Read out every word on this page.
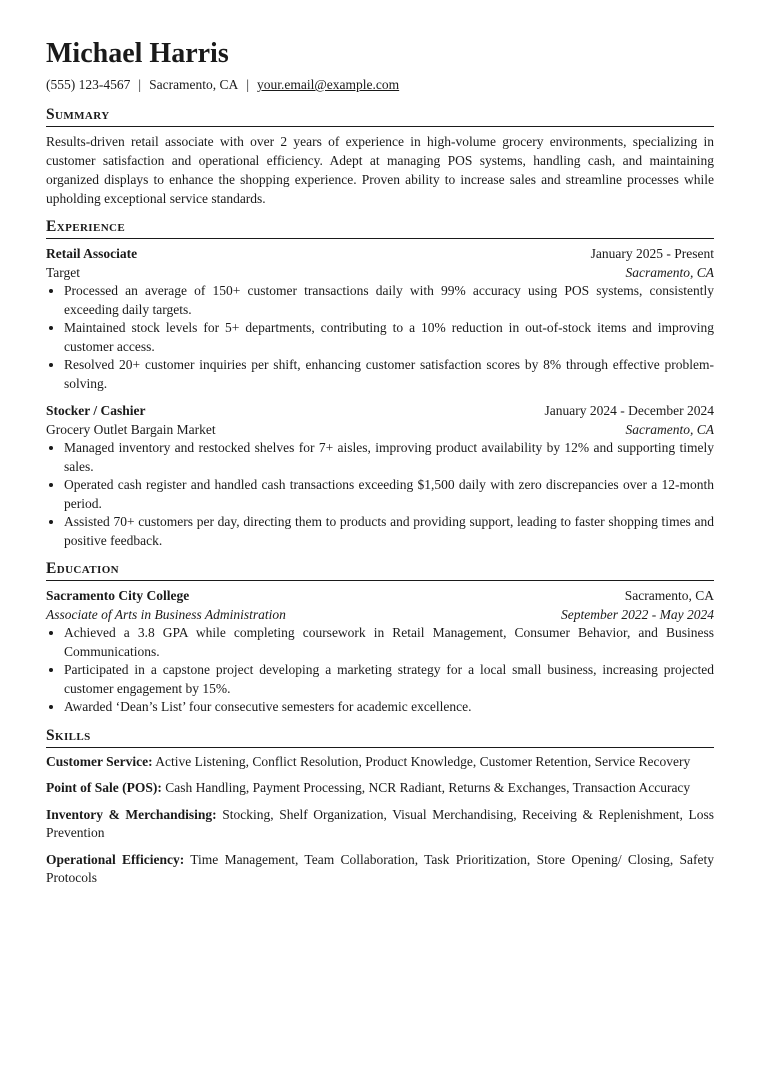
Michael Harris
(555) 123-4567 | Sacramento, CA | your.email@example.com
Summary

Results-driven retail associate with over 2 years of experience in high-volume grocery environments, specializing in customer satisfaction and operational efficiency. Adept at managing POS systems, handling cash, and maintaining organized displays to enhance the shopping experience. Proven ability to increase sales and streamline processes while upholding exceptional service standards.

Experience
Retail Associate	January 2025 - Present
Target	Sacramento, CA
• Processed an average of 150+ customer transactions daily with 99% accuracy using POS systems, consistently exceeding daily targets.
• Maintained stock levels for 5+ departments, contributing to a 10% reduction in out-of-stock items and improving customer access.
• Resolved 20+ customer inquiries per shift, enhancing customer satisfaction scores by 8% through effective problem-solving.
Stocker / Cashier	January 2024 - December 2024
Grocery Outlet Bargain Market	Sacramento, CA
• Managed inventory and restocked shelves for 7+ aisles, improving product availability by 12% and supporting timely sales.
• Operated cash register and handled cash transactions exceeding $1,500 daily with zero discrepancies over a 12-month period.
• Assisted 70+ customers per day, directing them to products and providing support, leading to faster shopping times and positive feedback.
Education
Sacramento City College	Sacramento, CA
Associate of Arts in Business Administration	September 2022 - May 2024
• Achieved a 3.8 GPA while completing coursework in Retail Management, Consumer Behavior, and Business Communications.
• Participated in a capstone project developing a marketing strategy for a local small business, increasing projected customer engagement by 15%.
• Awarded ‘Dean’s List’ four consecutive semesters for academic excellence.
Skills

Customer Service: Active Listening, Conflict Resolution, Product Knowledge, Customer Retention, Service Recovery

Point of Sale (POS): Cash Handling, Payment Processing, NCR Radiant, Returns & Exchanges, Transaction Accuracy

Inventory & Merchandising: Stocking, Shelf Organization, Visual Merchandising, Receiving & Replenishment, Loss Prevention

Operational Efficiency: Time Management, Team Collaboration, Task Prioritization, Store Opening/ Closing, Safety Protocols
